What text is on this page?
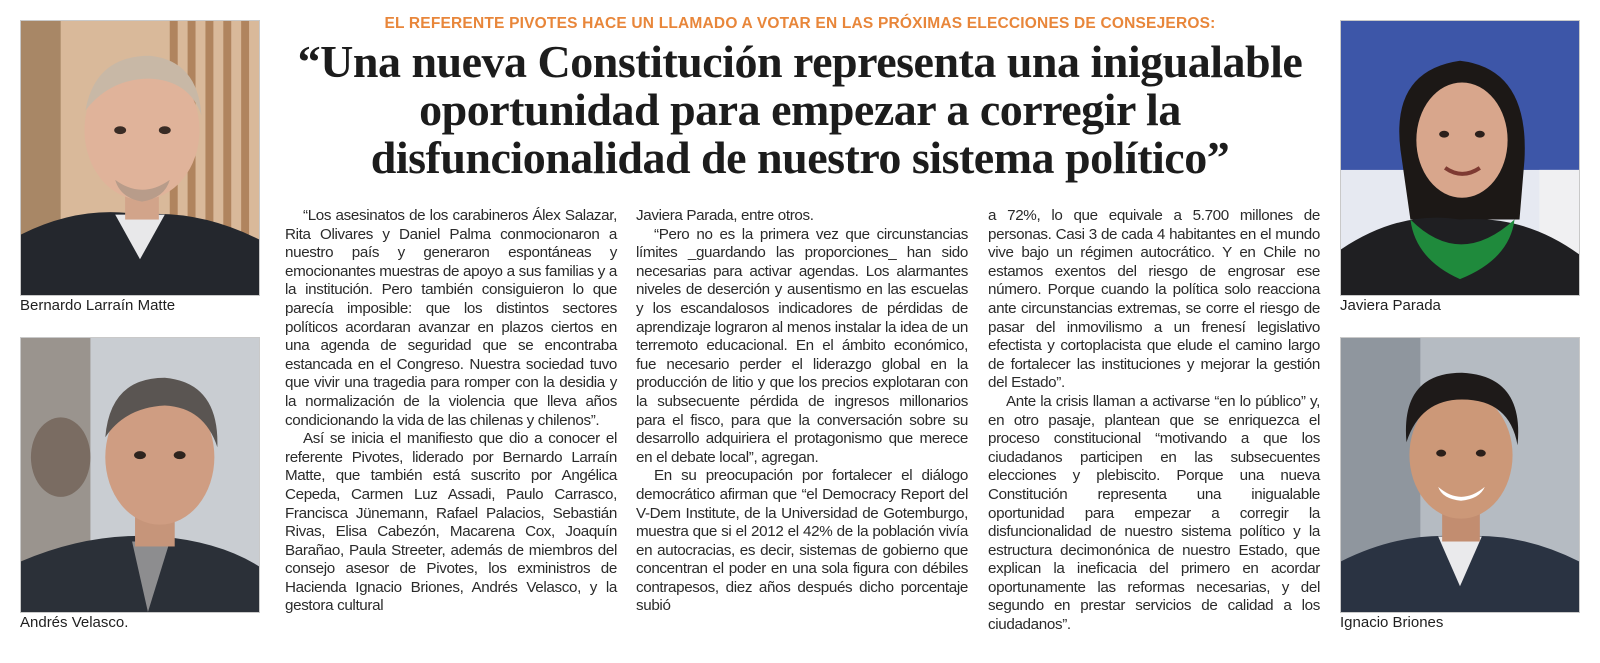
Bernardo Larraín Matte
Andrés Velasco.
Javiera Parada
Ignacio Briones
EL REFERENTE PIVOTES HACE UN LLAMADO A VOTAR EN LAS PRÓXIMAS ELECCIONES DE CONSEJEROS:
“Una nueva Constitución representa una inigualable oportunidad para empezar a corregir la disfuncionalidad de nuestro sistema político”

“Los asesinatos de los carabineros Álex Salazar, Rita Olivares y Daniel Palma conmocionaron a nuestro país y generaron espontáneas y emocionantes muestras de apoyo a sus familias y a la institución. Pero también consiguieron lo que parecía imposible: que los distintos sectores políticos acordaran avanzar en plazos ciertos en una agenda de seguridad que se encontraba estancada en el Congreso. Nuestra sociedad tuvo que vivir una tragedia para romper con la desidia y la normalización de la violencia que lleva años condicionando la vida de las chilenas y chilenos”.

Así se inicia el manifiesto que dio a conocer el referente Pivotes, liderado por Bernardo Larraín Matte, que también está suscrito por Angélica Cepeda, Carmen Luz Assadi, Paulo Carrasco, Francisca Jünemann, Rafael Palacios, Sebastián Rivas, Elisa Cabezón, Macarena Cox, Joaquín Barañao, Paula Streeter, además de miembros del consejo asesor de Pivotes, los exministros de Hacienda Ignacio Briones, Andrés Velasco, y la gestora cultural

Javiera Parada, entre otros.

“Pero no es la primera vez que circunstancias límites _guardando las proporciones_ han sido necesarias para activar agendas. Los alarmantes niveles de deserción y ausentismo en las escuelas y los escandalosos indicadores de pérdidas de aprendizaje lograron al menos instalar la idea de un terremoto educacional. En el ámbito económico, fue necesario perder el liderazgo global en la producción de litio y que los precios explotaran con la subsecuente pérdida de ingresos millonarios para el fisco, para que la conversación sobre su desarrollo adquiriera el protagonismo que merece en el debate local”, agregan.

En su preocupación por fortalecer el diálogo democrático afirman que “el Democracy Report del V-Dem Institute, de la Universidad de Gotemburgo, muestra que si el 2012 el 42% de la población vivía en autocracias, es decir, sistemas de gobierno que concentran el poder en una sola figura con débiles contrapesos, diez años después dicho porcentaje subió

a 72%, lo que equivale a 5.700 millones de personas. Casi 3 de cada 4 habitantes en el mundo vive bajo un régimen autocrático. Y en Chile no estamos exentos del riesgo de engrosar ese número. Porque cuando la política solo reacciona ante circunstancias extremas, se corre el riesgo de pasar del inmovilismo a un frenesí legislativo efectista y cortoplacista que elude el camino largo de fortalecer las instituciones y mejorar la gestión del Estado”.

Ante la crisis llaman a activarse “en lo público” y, en otro pasaje, plantean que se enriquezca el proceso constitucional “motivando a que los ciudadanos participen en las subsecuentes elecciones y plebiscito. Porque una nueva Constitución representa una inigualable oportunidad para empezar a corregir la disfuncionalidad de nuestro sistema político y la estructura decimonónica de nuestro Estado, que explican la ineficacia del primero en acordar oportunamente las reformas necesarias, y del segundo en prestar servicios de calidad a los ciudadanos”.
